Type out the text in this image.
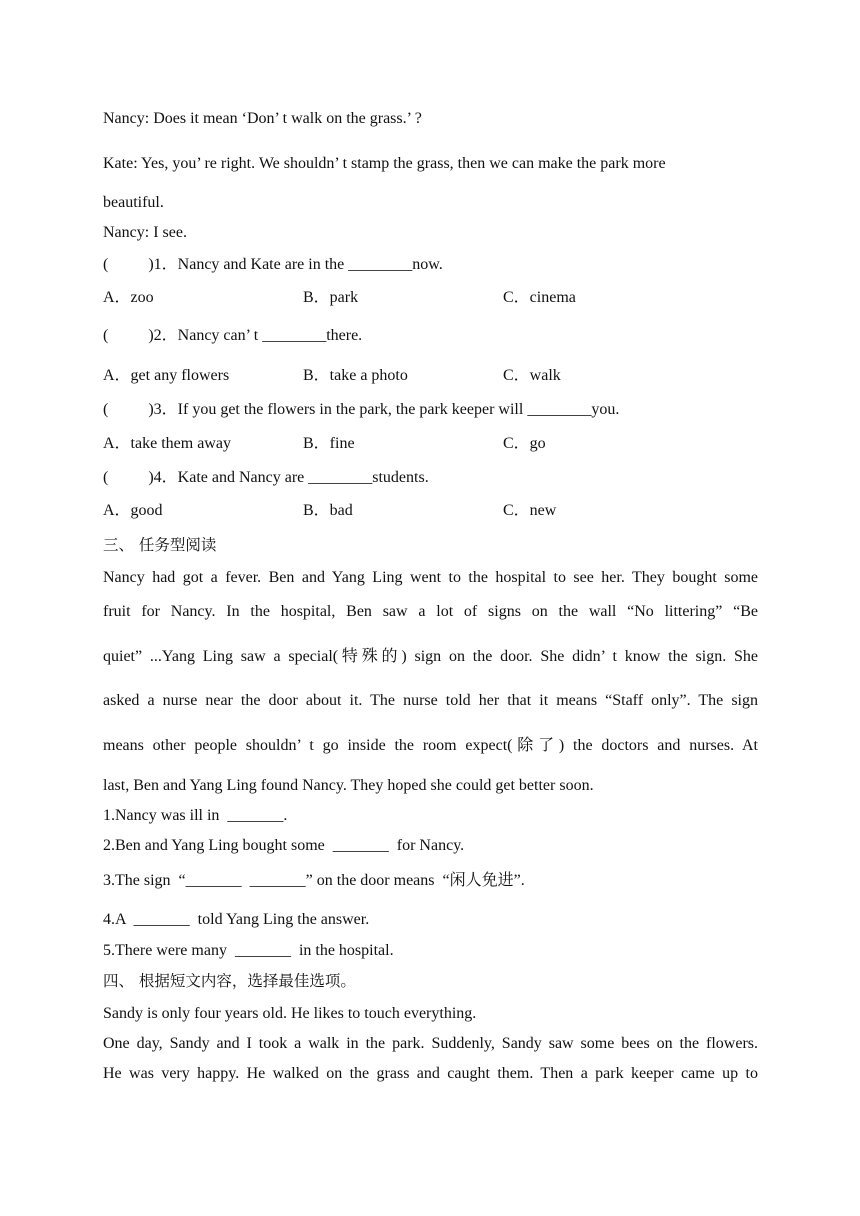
Nancy: Does it mean ‘Don’ t walk on the grass.’ ?
Kate: Yes, you’ re right. We shouldn’ t stamp the grass, then we can make the park more
beautiful.
Nancy: I see.
(          )1．Nancy and Kate are in the ________now.
A．zoo	B．park	C．cinema
(          )2．Nancy can’ t ________there.
A．get any flowers	B．take a photo	C．walk
(          )3．If you get the flowers in the park, the park keeper will ________you.
A．take them away	B．fine	C．go
(          )4．Kate and Nancy are ________students.
A．good	B．bad	C．new
三、 任务型阅读
Nancy had got a fever. Ben and Yang Ling went to the hospital to see her. They bought some
fruit for Nancy. In the hospital, Ben saw a lot of signs on the wall “No littering” “Be
quiet” ...Yang Ling saw a special(特殊的) sign on the door. She didn’ t know the sign. She
asked a nurse near the door about it. The nurse told her that it means “Staff only”. The sign
means other people shouldn’ t go inside the room expect(除了) the doctors and nurses. At
last, Ben and Yang Ling found Nancy. They hoped she could get better soon.
1.Nancy was ill in  _______.
2.Ben and Yang Ling bought some  _______  for Nancy.
3.The sign  “_______  _______” on the door means  “闲人免进”.
4.A  _______  told Yang Ling the answer.
5.There were many  _______  in the hospital.
四、 根据短文内容，选择最佳选项。
Sandy is only four years old. He likes to touch everything.
One day, Sandy and I took a walk in the park. Suddenly, Sandy saw some bees on the flowers.
He was very happy. He walked on the grass and caught them. Then a park keeper came up to
